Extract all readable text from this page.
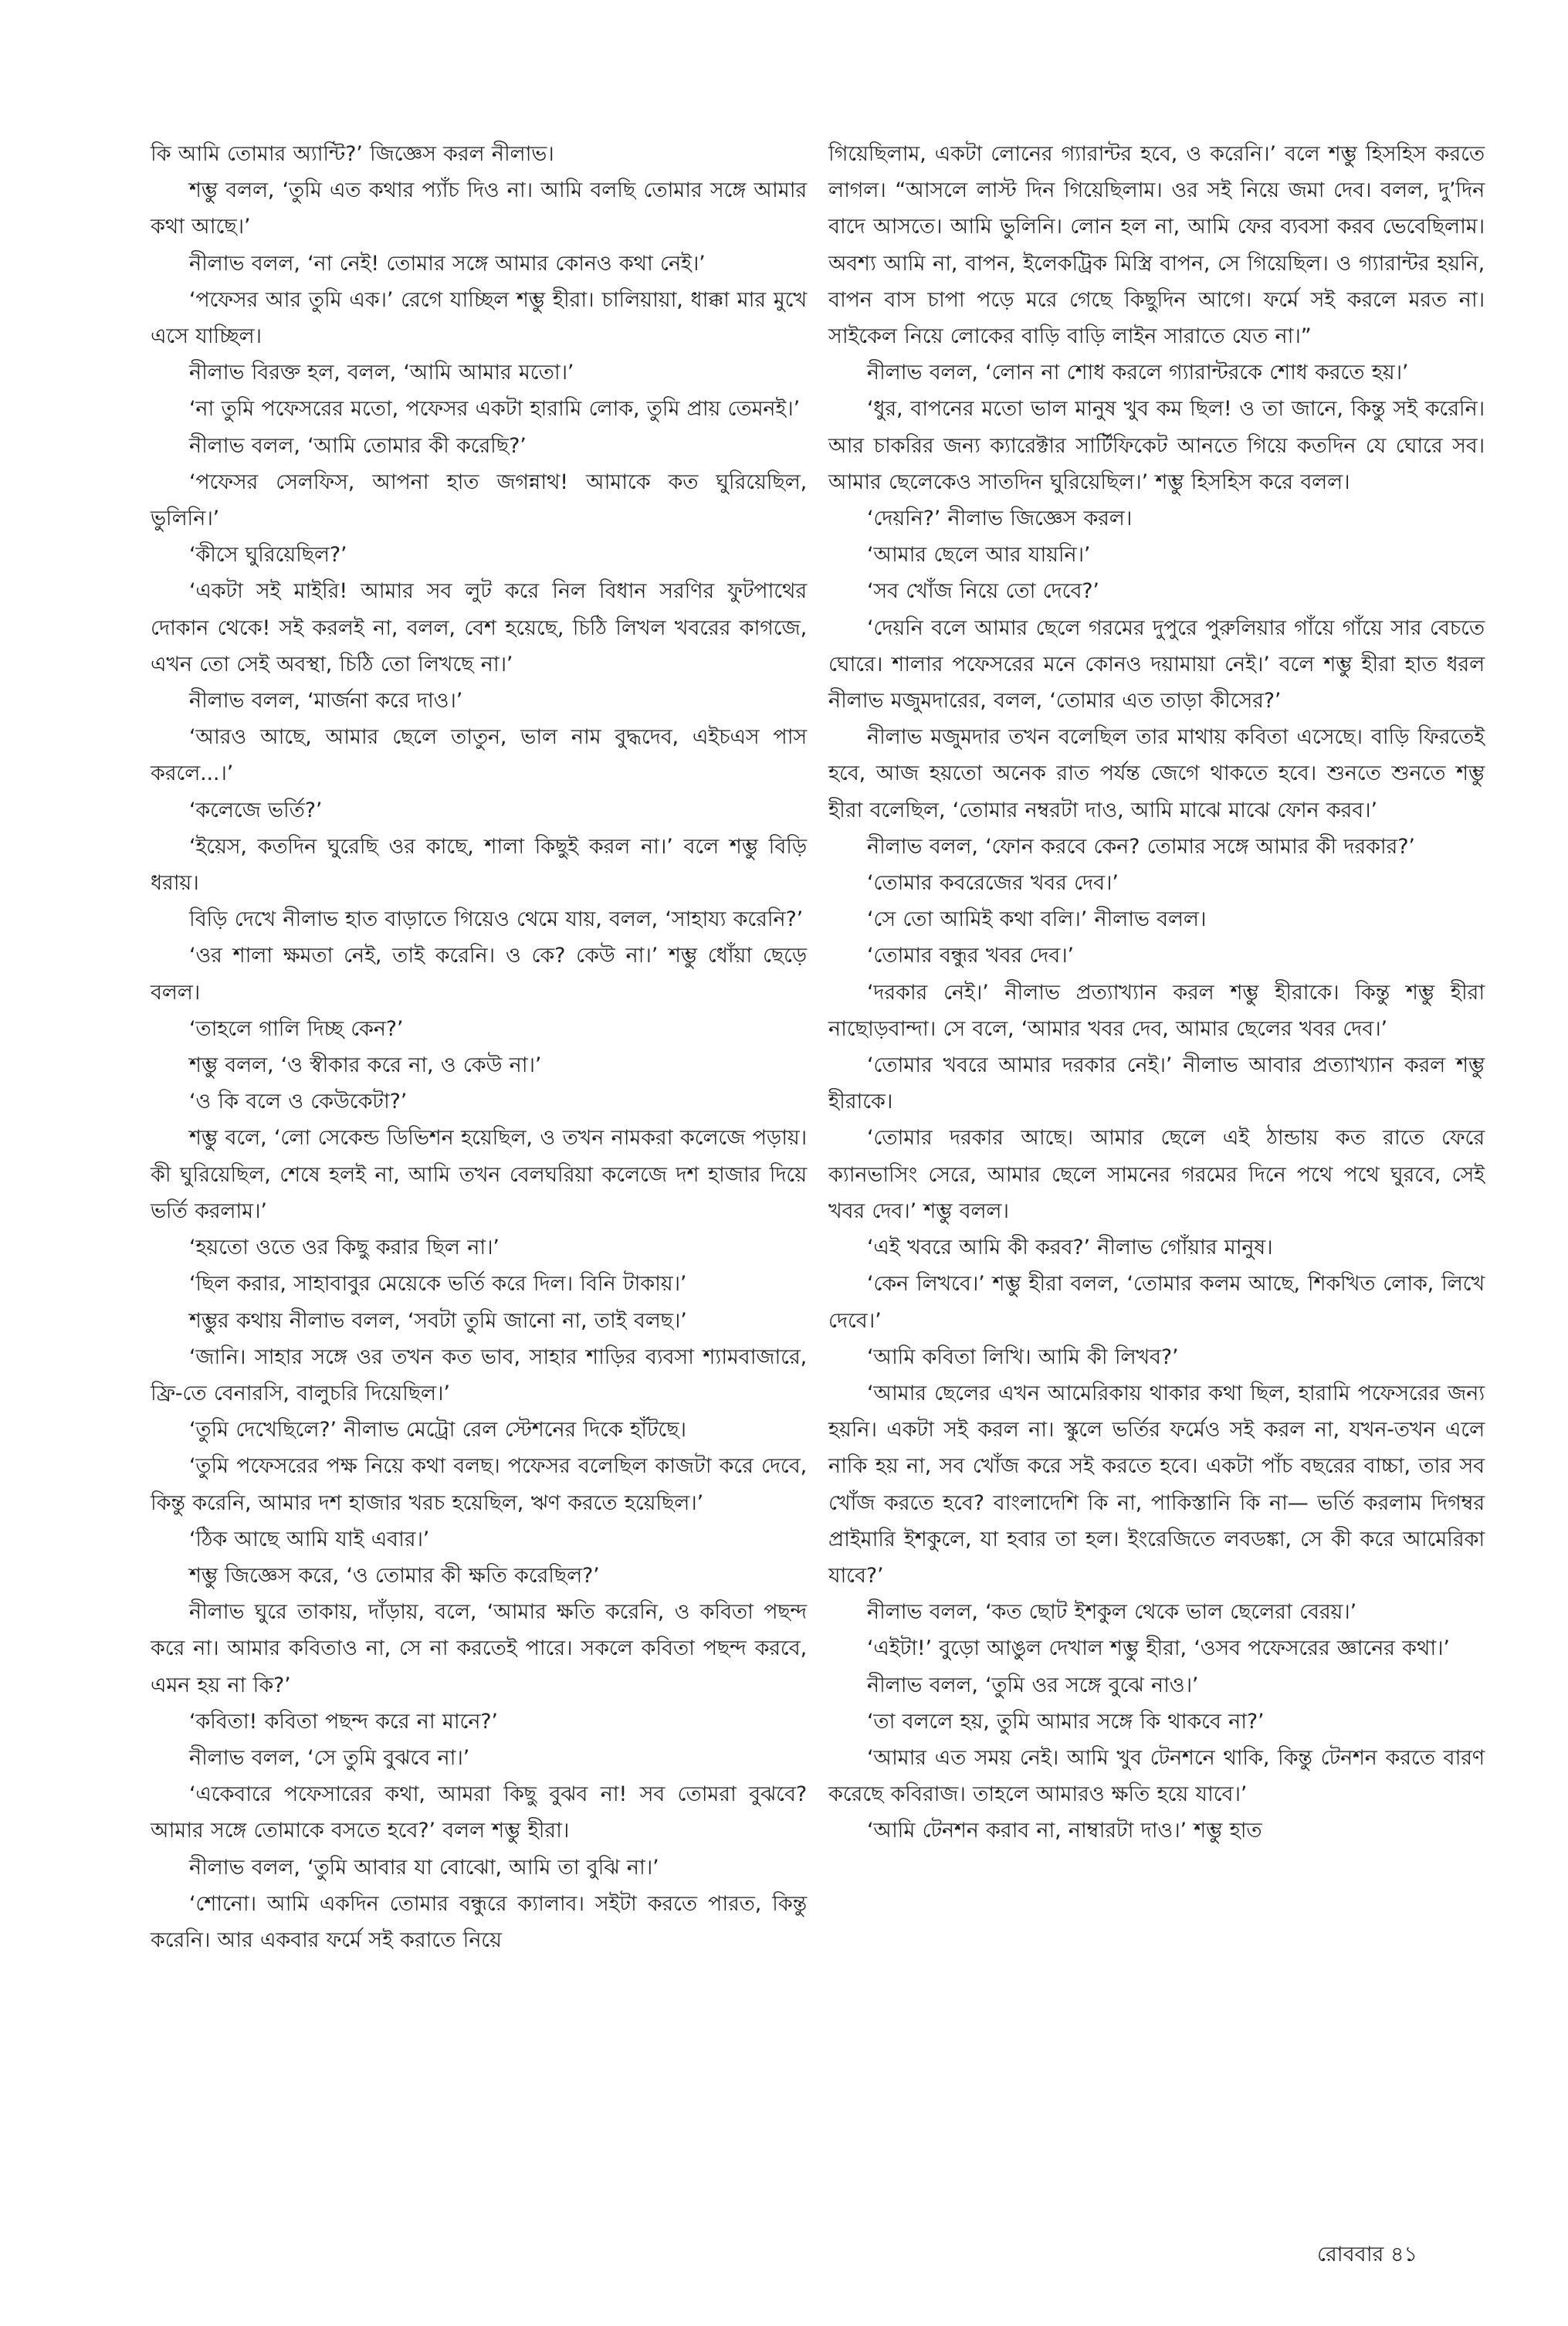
কি আমি তোমার অ্যান্টি?’ জিজ্ঞেস করল নীলাভ।

শম্ভু বলল, ‘তুমি এত কথার প্যাঁচ দিও না। আমি বলছি তোমার সঙ্গে আমার কথা আছে।’

নীলাভ বলল, ‘না নেই! তোমার সঙ্গে আমার কোনও কথা নেই।’

‘পফেসর আর তুমি এক।’ রেগে যাচ্ছিল শম্ভু হীরা। চালিয়ায়া, ধাক্কা মার মুখে এসে যাচ্ছিল।

নীলাভ বিরক্ত হল, বলল, ‘আমি আমার মতো।’

‘না তুমি পফেসরের মতো, পফেসর একটা হারামি লোক, তুমি প্রায় তেমনই।’

নীলাভ বলল, ‘আমি তোমার কী করেছি?’

‘পফেসর সেলফিস, আপনা হাত জগন্নাথ! আমাকে কত ঘুরিয়েছিল, ভুলিনি।’

‘কীসে ঘুরিয়েছিল?’

‘একটা সই মাইরি! আমার সব লুট করে নিল বিধান সরণির ফুটপাথের দোকান থেকে! সই করলই না, বলল, বেশ হয়েছে, চিঠি লিখল খবরের কাগজে, এখন তো সেই অবস্থা, চিঠি তো লিখছে না।’

নীলাভ বলল, ‘মার্জনা করে দাও।’

‘আরও আছে, আমার ছেলে তাতুন, ভাল নাম বুদ্ধদেব, এইচএস পাস করলে...।’

‘কলেজে ভর্তি?’

‘ইয়েস, কতদিন ঘুরেছি ওর কাছে, শালা কিছুই করল না।’ বলে শম্ভু বিড়ি ধরায়।

বিড়ি দেখে নীলাভ হাত বাড়াতে গিয়েও থেমে যায়, বলল, ‘সাহায্য করেনি?’

‘ওর শালা ক্ষমতা নেই, তাই করেনি। ও কে? কেউ না।’ শম্ভু ধোঁয়া ছেড়ে বলল।

‘তাহলে গালি দিচ্ছ কেন?’

শম্ভু বলল, ‘ও স্বীকার করে না, ও কেউ না।’

‘ও কি বলে ও কেউকেটা?’

শম্ভু বলে, ‘লো সেকেন্ড ডিভিশন হয়েছিল, ও তখন নামকরা কলেজে পড়ায়। কী ঘুরিয়েছিল, শেষে হলই না, আমি তখন বেলঘরিয়া কলেজে দশ হাজার দিয়ে ভর্তি করলাম।’

‘হয়তো ওতে ওর কিছু করার ছিল না।’

‘ছিল করার, সাহাবাবুর মেয়েকে ভর্তি করে দিল। বিনি টাকায়।’

শম্ভুর কথায় নীলাভ বলল, ‘সবটা তুমি জানো না, তাই বলছ।’

‘জানি। সাহার সঙ্গে ওর তখন কত ভাব, সাহার শাড়ির ব্যবসা শ্যামবাজারে, ফ্রি-তে বেনারসি, বালুচরি দিয়েছিল।’

‘তুমি দেখেছিলে?’ নীলাভ মেট্রো রেল স্টেশনের দিকে হাঁটছে।

‘তুমি পফেসরের পক্ষ নিয়ে কথা বলছ। পফেসর বলেছিল কাজটা করে দেবে, কিন্তু করেনি, আমার দশ হাজার খরচ হয়েছিল, ঋণ করতে হয়েছিল।’

‘ঠিক আছে আমি যাই এবার।’

শম্ভু জিজ্ঞেস করে, ‘ও তোমার কী ক্ষতি করেছিল?’

নীলাভ ঘুরে তাকায়, দাঁড়ায়, বলে, ‘আমার ক্ষতি করেনি, ও কবিতা পছন্দ করে না। আমার কবিতাও না, সে না করতেই পারে। সকলে কবিতা পছন্দ করবে, এমন হয় না কি?’

‘কবিতা! কবিতা পছন্দ করে না মানে?’

নীলাভ বলল, ‘সে তুমি বুঝবে না।’

‘একেবারে পফেসারের কথা, আমরা কিছু বুঝব না! সব তোমরা বুঝবে? আমার সঙ্গে তোমাকে বসতে হবে?’ বলল শম্ভু হীরা।

নীলাভ বলল, ‘তুমি আবার যা বোঝো, আমি তা বুঝি না।’

‘শোনো। আমি একদিন তোমার বন্ধুরে ক্যালাব। সইটা করতে পারত, কিন্তু করেনি। আর একবার ফর্মে সই করাতে নিয়ে

গিয়েছিলাম, একটা লোনের গ্যারান্টর হবে, ও করেনি।’ বলে শম্ভু হিসহিস করতে লাগল। “আসলে লাস্ট দিন গিয়েছিলাম। ওর সই নিয়ে জমা দেব। বলল, দু’দিন বাদে আসতে। আমি ভুলিনি। লোন হল না, আমি ফের ব্যবসা করব ভেবেছিলাম। অবশ্য আমি না, বাপন, ইলেকট্রিক মিস্ত্রি বাপন, সে গিয়েছিল। ও গ্যারান্টর হয়নি, বাপন বাস চাপা পড়ে মরে গেছে কিছুদিন আগে। ফর্মে সই করলে মরত না। সাইকেল নিয়ে লোকের বাড়ি বাড়ি লাইন সারাতে যেত না।”

নীলাভ বলল, ‘লোন না শোধ করলে গ্যারান্টরকে শোধ করতে হয়।’

‘ধুর, বাপনের মতো ভাল মানুষ খুব কম ছিল! ও তা জানে, কিন্তু সই করেনি। আর চাকরির জন্য ক্যারেক্টার সার্টিফিকেট আনতে গিয়ে কতদিন যে ঘোরে সব। আমার ছেলেকেও সাতদিন ঘুরিয়েছিল।’ শম্ভু হিসহিস করে বলল।

‘দেয়নি?’ নীলাভ জিজ্ঞেস করল।

‘আমার ছেলে আর যায়নি।’

‘সব খোঁজ নিয়ে তো দেবে?’

‘দেয়নি বলে আমার ছেলে গরমের দুপুরে পুরুলিয়ার গাঁয়ে গাঁয়ে সার বেচতে ঘোরে। শালার পফেসরের মনে কোনও দয়ামায়া নেই।’ বলে শম্ভু হীরা হাত ধরল নীলাভ মজুমদারের, বলল, ‘তোমার এত তাড়া কীসের?’

নীলাভ মজুমদার তখন বলেছিল তার মাথায় কবিতা এসেছে। বাড়ি ফিরতেই হবে, আজ হয়তো অনেক রাত পর্যন্ত জেগে থাকতে হবে। শুনতে শুনতে শম্ভু হীরা বলেছিল, ‘তোমার নম্বরটা দাও, আমি মাঝে মাঝে ফোন করব।’

নীলাভ বলল, ‘ফোন করবে কেন? তোমার সঙ্গে আমার কী দরকার?’

‘তোমার কবরেজের খবর দেব।’

‘সে তো আমিই কথা বলি।’ নীলাভ বলল।

‘তোমার বন্ধুর খবর দেব।’

‘দরকার নেই।’ নীলাভ প্রত্যাখ্যান করল শম্ভু হীরাকে। কিন্তু শম্ভু হীরা নাছোড়বান্দা। সে বলে, ‘আমার খবর দেব, আমার ছেলের খবর দেব।’

‘তোমার খবরে আমার দরকার নেই।’ নীলাভ আবার প্রত্যাখ্যান করল শম্ভু হীরাকে।

‘তোমার দরকার আছে। আমার ছেলে এই ঠান্ডায় কত রাতে ফেরে ক্যানভাসিং সেরে, আমার ছেলে সামনের গরমের দিনে পথে পথে ঘুরবে, সেই খবর দেব।’ শম্ভু বলল।

‘এই খবরে আমি কী করব?’ নীলাভ গোঁয়ার মানুষ।

‘কেন লিখবে।’ শম্ভু হীরা বলল, ‘তোমার কলম আছে, শিকখিত লোক, লিখে দেবে।’

‘আমি কবিতা লিখি। আমি কী লিখব?’

‘আমার ছেলের এখন আমেরিকায় থাকার কথা ছিল, হারামি পফেসরের জন্য হয়নি। একটা সই করল না। স্কুলে ভর্তির ফর্মেও সই করল না, যখন-তখন এলে নাকি হয় না, সব খোঁজ করে সই করতে হবে। একটা পাঁচ বছরের বাচ্চা, তার সব খোঁজ করতে হবে? বাংলাদেশি কি না, পাকিস্তানি কি না— ভর্তি করলাম দিগম্বর প্রাইমারি ইশকুলে, যা হবার তা হল। ইংরেজিতে লবডঙ্কা, সে কী করে আমেরিকা যাবে?’

নীলাভ বলল, ‘কত ছোট ইশকুল থেকে ভাল ছেলেরা বেরয়।’

‘এইটা!’ বুড়ো আঙুল দেখাল শম্ভু হীরা, ‘ওসব পফেসরের জ্ঞানের কথা।’

নীলাভ বলল, ‘তুমি ওর সঙ্গে বুঝে নাও।’

‘তা বললে হয়, তুমি আমার সঙ্গে কি থাকবে না?’

‘আমার এত সময় নেই। আমি খুব টেনশনে থাকি, কিন্তু টেনশন করতে বারণ করেছে কবিরাজ। তাহলে আমারও ক্ষতি হয়ে যাবে।’

‘আমি টেনশন করাব না, নাম্বারটা দাও।’ শম্ভু হাত

রোববার ৪১
